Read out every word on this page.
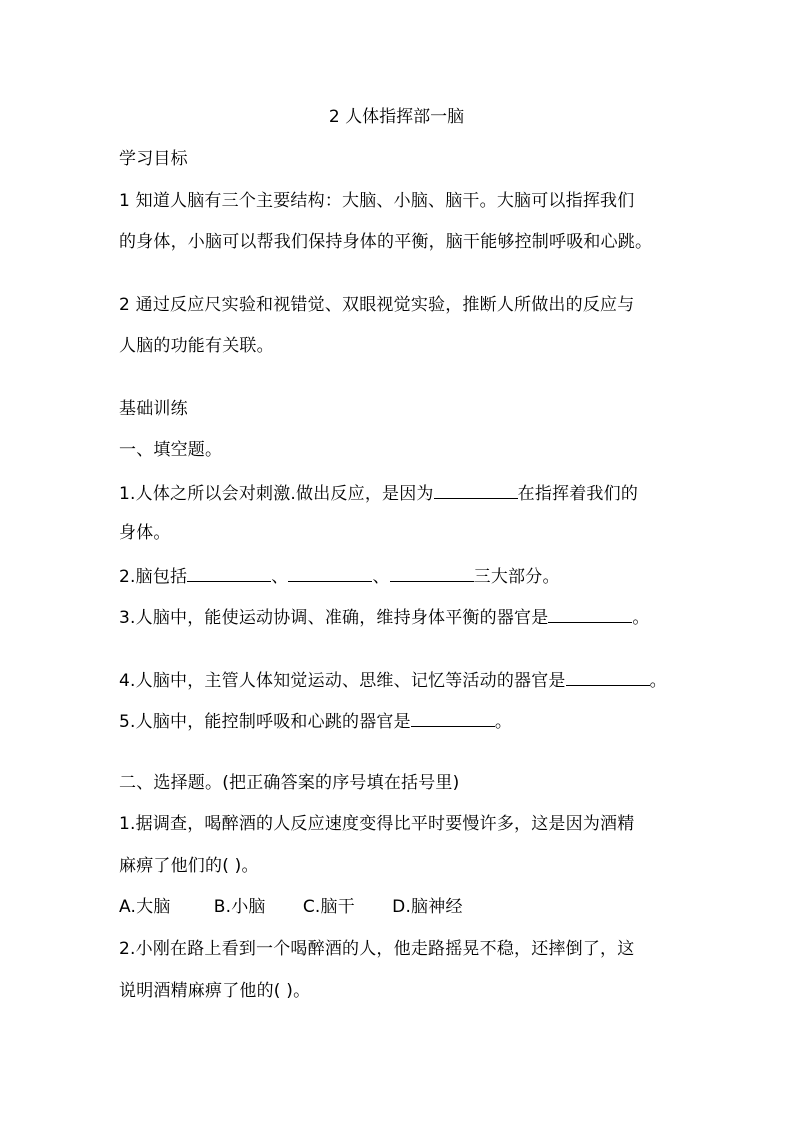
2 人体指挥部一脑
学习目标
1 知道人脑有三个主要结构：大脑、小脑、脑干。大脑可以指挥我们
的身体，小脑可以帮我们保持身体的平衡，脑干能够控制呼吸和心跳。
2 通过反应尺实验和视错觉、双眼视觉实验，推断人所做出的反应与
人脑的功能有关联。
基础训练
一、填空题。
1.人体之所以会对刺激.做出反应，是因为	在指挥着我们的
身体。
2.脑包括	、	、	三大部分。
3.人脑中，能使运动协调、准确，维持身体平衡的器官是	。
4.人脑中，主管人体知觉运动、思维、记忆等活动的器官是	。
5.人脑中，能控制呼吸和心跳的器官是	。
二、选择题。(把正确答案的序号填在括号里)
1.据调查，喝醉酒的人反应速度变得比平时要慢许多，这是因为酒精
麻痹了他们的( )。
A.大脑	B.小脑 C.脑干 D.脑神经
2.小刚在路上看到一个喝醉酒的人，他走路摇晃不稳，还摔倒了，这
说明酒精麻痹了他的( )。
